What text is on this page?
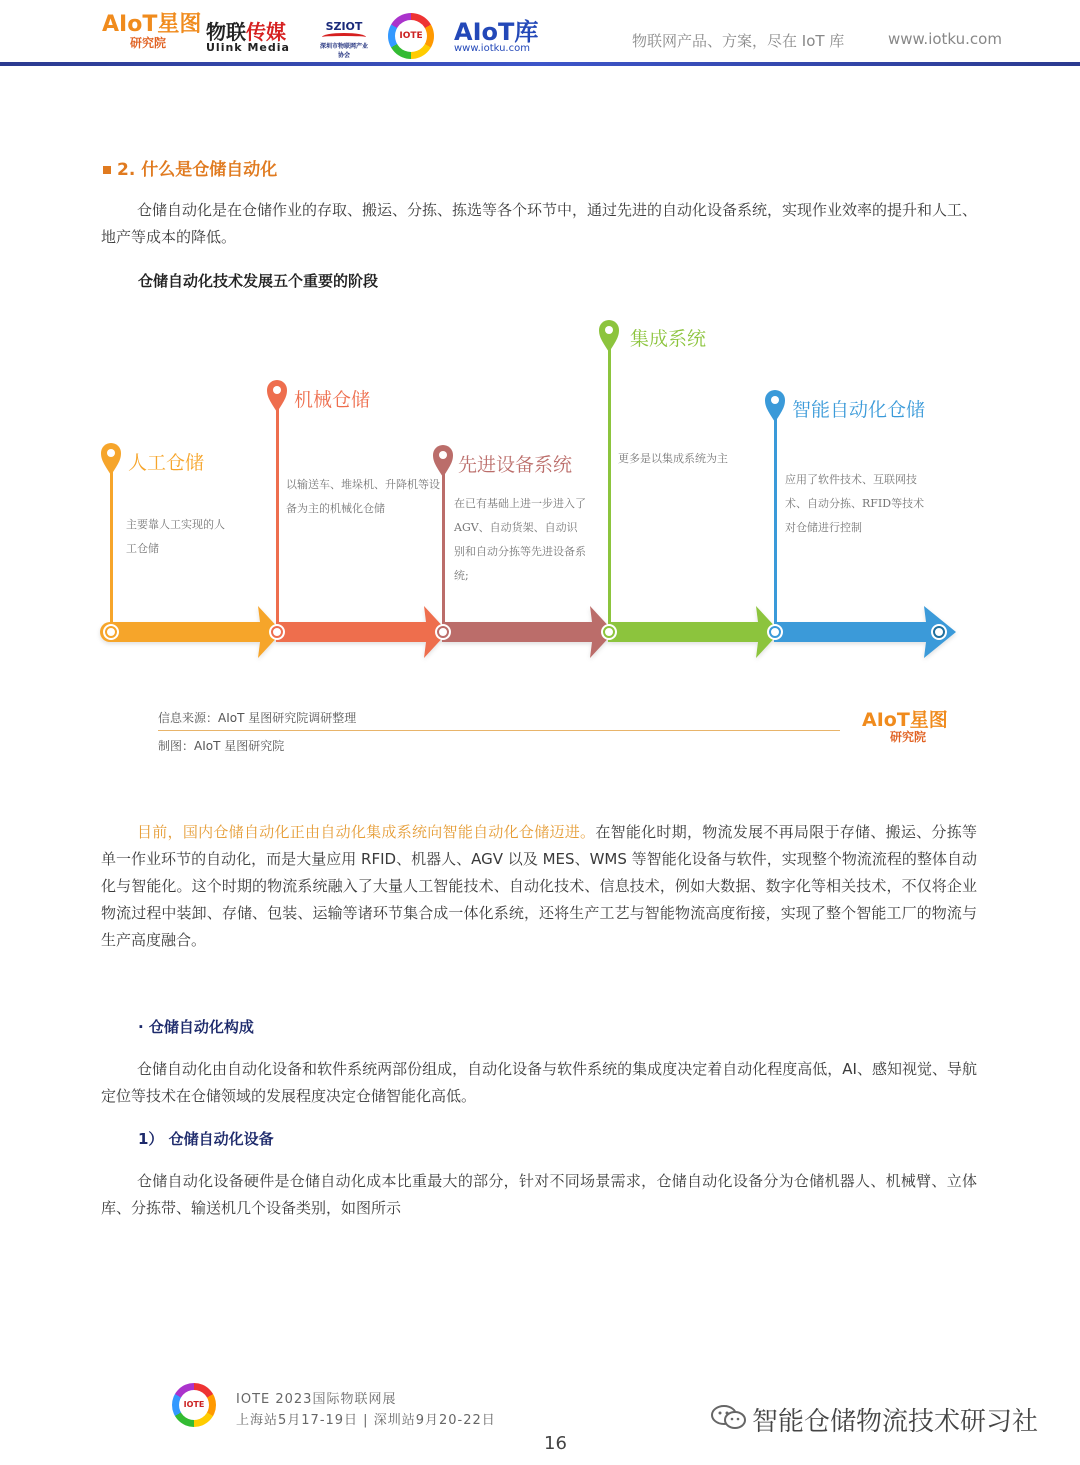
AIoT星图
研究院	物联传媒
Ulink Media
SZIOT
深圳市物联网产业协会
IOTE AIoT库
www.iotku.com	物联网产品、方案，尽在 IoT 库	www.iotku.com
2. 什么是仓储自动化
仓储自动化是在仓储作业的存取、搬运、分拣、拣选等各个环节中，通过先进的自动化设备系统，实现作业效率的提升和人工、地产等成本的降低。
仓储自动化技术发展五个重要的阶段
人工仓储
主要靠人工实现的人工仓储
机械仓储
以输送车、堆垛机、升降机等设备为主的机械化仓储
先进设备系统
在已有基础上进一步进入了 AGV、自动货架、自动识别和自动分拣等先进设备系统;
集成系统
更多是以集成系统为主
智能自动化仓储
应用了软件技术、互联网技术、自动分拣、RFID等技术对仓储进行控制
信息来源：AIoT 星图研究院调研整理
制图：AIoT 星图研究院
AIoT星图
研究院
目前，国内仓储自动化正由自动化集成系统向智能自动化仓储迈进。在智能化时期，物流发展不再局限于存储、搬运、分拣等单一作业环节的自动化，而是大量应用 RFID、机器人、AGV 以及 MES、WMS 等智能化设备与软件，实现整个物流流程的整体自动化与智能化。这个时期的物流系统融入了大量人工智能技术、自动化技术、信息技术，例如大数据、数字化等相关技术，不仅将企业物流过程中装卸、存储、包装、运输等诸环节集合成一体化系统，还将生产工艺与智能物流高度衔接，实现了整个智能工厂的物流与生产高度融合。
· 仓储自动化构成
仓储自动化由自动化设备和软件系统两部份组成，自动化设备与软件系统的集成度决定着自动化程度高低，AI、感知视觉、导航定位等技术在仓储领域的发展程度决定仓储智能化高低。
1） 仓储自动化设备
仓储自动化设备硬件是仓储自动化成本比重最大的部分，针对不同场景需求，仓储自动化设备分为仓储机器人、机械臂、立体库、分拣带、输送机几个设备类别，如图所示
IOTE	IOTE 2023国际物联网展
上海站5月17-19日 | 深圳站9月20-22日
16
智能仓储物流技术研习社
